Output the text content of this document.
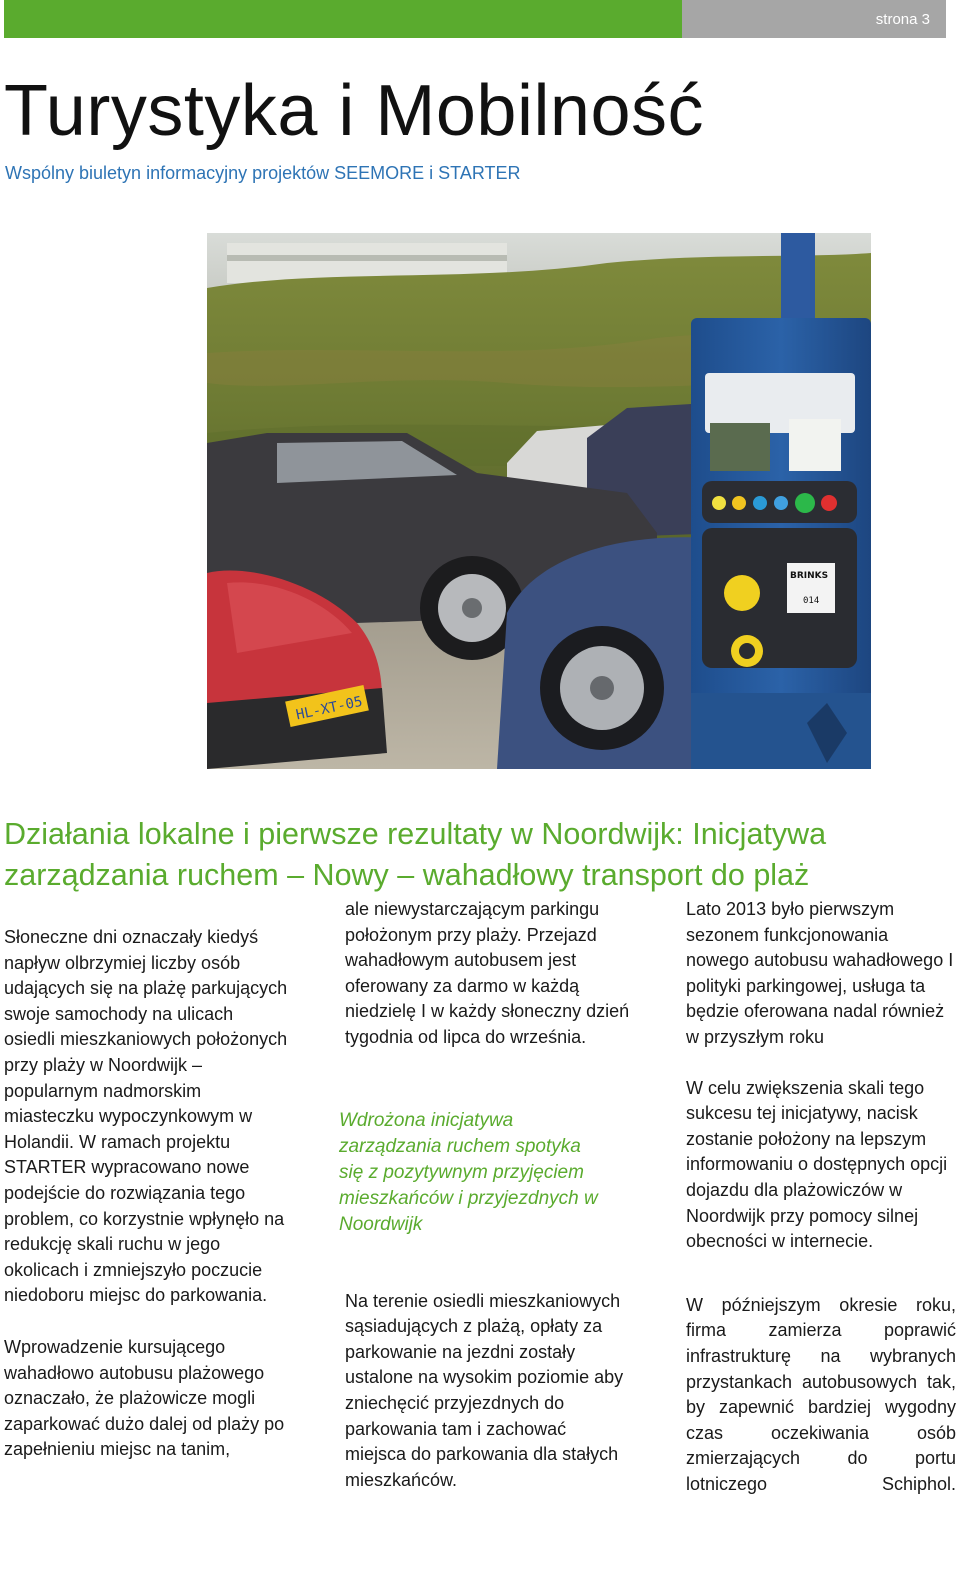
strona 3
Turystyka i Mobilność
Wspólny biuletyn informacyjny projektów SEEMORE i STARTER
HL-XT-05
BRINKS
014
Działania lokalne i pierwsze rezultaty w Noordwijk: Inicjatywa zarządzania ruchem – Nowy – wahadłowy transport do plaż

Słoneczne dni oznaczały kiedyś napływ olbrzymiej liczby osób udających się na plażę parkujących swoje samochody na ulicach osiedli mieszkaniowych położonych przy plaży w Noordwijk – popularnym nadmorskim miasteczku wypoczynkowym w Holandii. W ramach projektu STARTER wypracowano nowe podejście do rozwiązania tego problem, co korzystnie wpłynęło na redukcję skali ruchu w jego okolicach i zmniejszyło poczucie niedoboru miejsc do parkowania.

Wprowadzenie kursującego wahadłowo autobusu plażowego oznaczało, że plażowicze mogli zaparkować dużo dalej od plaży po zapełnieniu miejsc na tanim,

ale niewystarczającym parkingu położonym przy plaży. Przejazd wahadłowym autobusem jest oferowany za darmo w każdą niedzielę I w każdy słoneczny dzień tygodnia od lipca do września.

Na terenie osiedli mieszkaniowych sąsiadujących z plażą, opłaty za parkowanie na jezdni zostały ustalone na wysokim poziomie aby zniechęcić przyjezdnych do parkowania tam i zachować miejsca do parkowania dla stałych mieszkańców.

Wdrożona inicjatywa zarządzania ruchem spotyka się z pozytywnym przyjęciem mieszkańców i przyjezdnych w Noordwijk

Lato 2013 było pierwszym sezonem funkcjonowania nowego autobusu wahadłowego I polityki parkingowej, usługa ta będzie oferowana nadal również w przyszłym roku

W celu zwiększenia skali tego sukcesu tej inicjatywy, nacisk zostanie położony na lepszym informowaniu o dostępnych opcji dojazdu dla plażowiczów w Noordwijk przy pomocy silnej obecności w internecie.

W późniejszym okresie roku, firma zamierza poprawić infrastrukturę na wybranych przystankach autobusowych tak, by zapewnić bardziej wygodny czas oczekiwania osób zmierzających do portu lotniczego Schiphol.
